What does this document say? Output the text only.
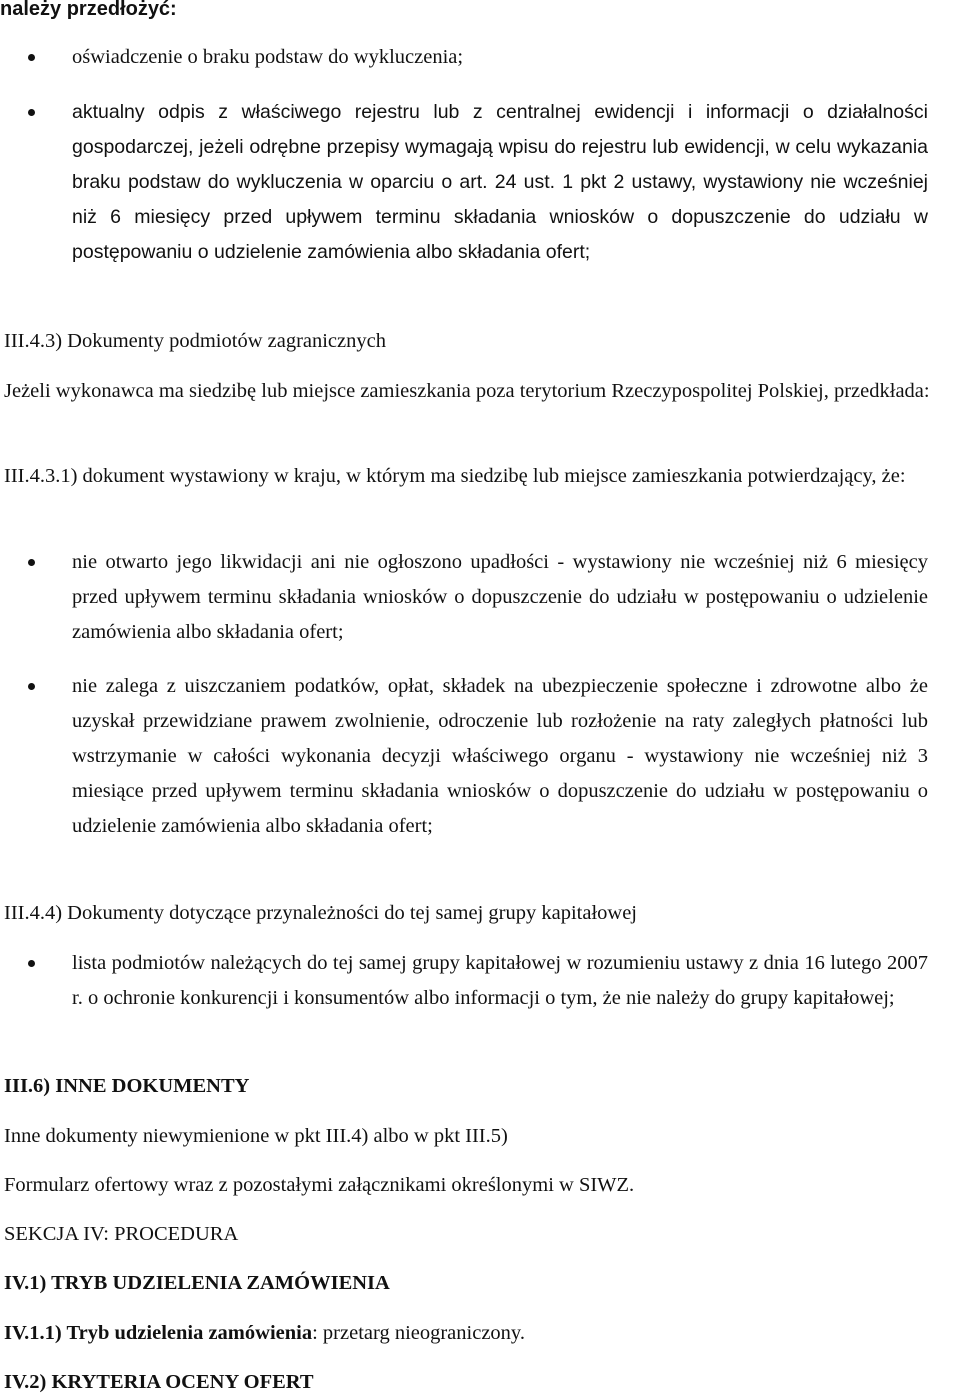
należy przedłożyć:
oświadczenie o braku podstaw do wykluczenia;
aktualny odpis z właściwego rejestru lub z centralnej ewidencji i informacji o działalności gospodarczej, jeżeli odrębne przepisy wymagają wpisu do rejestru lub ewidencji, w celu wykazania braku podstaw do wykluczenia w oparciu o art. 24 ust. 1 pkt 2 ustawy, wystawiony nie wcześniej niż 6 miesięcy przed upływem terminu składania wniosków o dopuszczenie do udziału w postępowaniu o udzielenie zamówienia albo składania ofert;

III.4.3) Dokumenty podmiotów zagranicznych

Jeżeli wykonawca ma siedzibę lub miejsce zamieszkania poza terytorium Rzeczypospolitej Polskiej, przedkłada:

III.4.3.1) dokument wystawiony w kraju, w którym ma siedzibę lub miejsce zamieszkania potwierdzający, że:

nie otwarto jego likwidacji ani nie ogłoszono upadłości - wystawiony nie wcześniej niż 6 miesięcy przed upływem terminu składania wniosków o dopuszczenie do udziału w postępowaniu o udzielenie zamówienia albo składania ofert;
nie zalega z uiszczaniem podatków, opłat, składek na ubezpieczenie społeczne i zdrowotne albo że uzyskał przewidziane prawem zwolnienie, odroczenie lub rozłożenie na raty zaległych płatności lub wstrzymanie w całości wykonania decyzji właściwego organu - wystawiony nie wcześniej niż 3 miesiące przed upływem terminu składania wniosków o dopuszczenie do udziału w postępowaniu o udzielenie zamówienia albo składania ofert;

III.4.4) Dokumenty dotyczące przynależności do tej samej grupy kapitałowej

lista podmiotów należących do tej samej grupy kapitałowej w rozumieniu ustawy z dnia 16 lutego 2007 r. o ochronie konkurencji i konsumentów albo informacji o tym, że nie należy do grupy kapitałowej;

III.6) INNE DOKUMENTY

Inne dokumenty niewymienione w pkt III.4) albo w pkt III.5)

Formularz ofertowy wraz z pozostałymi załącznikami określonymi w SIWZ.

SEKCJA IV: PROCEDURA

IV.1) TRYB UDZIELENIA ZAMÓWIENIA

IV.1.1) Tryb udzielenia zamówienia: przetarg nieograniczony.

IV.2) KRYTERIA OCENY OFERT
